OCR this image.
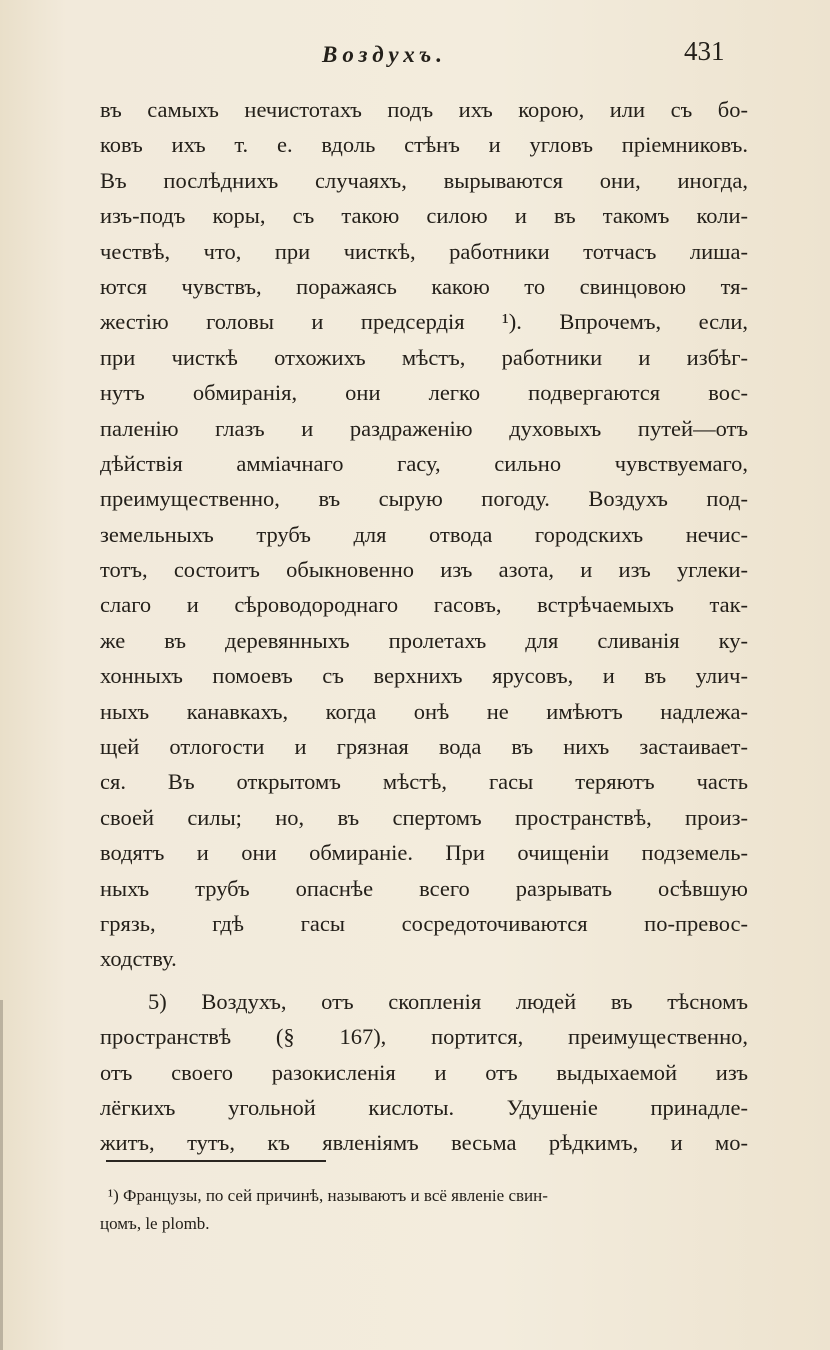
Воздухъ.	431
въ самыхъ нечистотахъ подъ ихъ корою, или съ бо-
ковъ ихъ т. е. вдоль стѣнъ и угловъ пріемниковъ.
Въ послѣднихъ случаяхъ, вырываются они, иногда,
изъ-подъ коры, съ такою силою и въ такомъ коли-
чествѣ, что, при чисткѣ, работники тотчасъ лиша-
ются чувствъ, поражаясь какою то свинцовою тя-
жестію головы и предсердія ¹). Впрочемъ, если,
при чисткѣ отхожихъ мѣстъ, работники и избѣг-
нутъ обмиранія, они легко подвергаются вос-
паленію глазъ и раздраженію духовыхъ путей—отъ
дѣйствія амміачнаго гасу, сильно чувствуемаго,
преимущественно, въ сырую погоду. Воздухъ под-
земельныхъ трубъ для отвода городскихъ нечис-
тотъ, состоитъ обыкновенно изъ азота, и изъ углеки-
слаго и сѣроводороднаго гасовъ, встрѣчаемыхъ так-
же въ деревянныхъ пролетахъ для сливанія ку-
хонныхъ помоевъ съ верхнихъ ярусовъ, и въ улич-
ныхъ канавкахъ, когда онѣ не имѣютъ надлежа-
щей отлогости и грязная вода въ нихъ застаивает-
ся. Въ открытомъ мѣстѣ, гасы теряютъ часть
своей силы; но, въ спертомъ пространствѣ, произ-
водятъ и они обмираніе. При очищеніи подземель-
ныхъ трубъ опаснѣе всего разрывать осѣвшую
грязь, гдѣ гасы сосредоточиваются по-превос-
ходству.
5) Воздухъ, отъ скопленія людей въ тѣсномъ
пространствѣ (§ 167), портится, преимущественно,
отъ своего разокисленія и отъ выдыхаемой изъ
лёгкихъ угольной кислоты. Удушеніе принадле-
житъ, тутъ, къ явленіямъ весьма рѣдкимъ, и мо-
¹) Французы, по сей причинѣ, называютъ и всё явленіе свин-
цомъ, le plomb.
